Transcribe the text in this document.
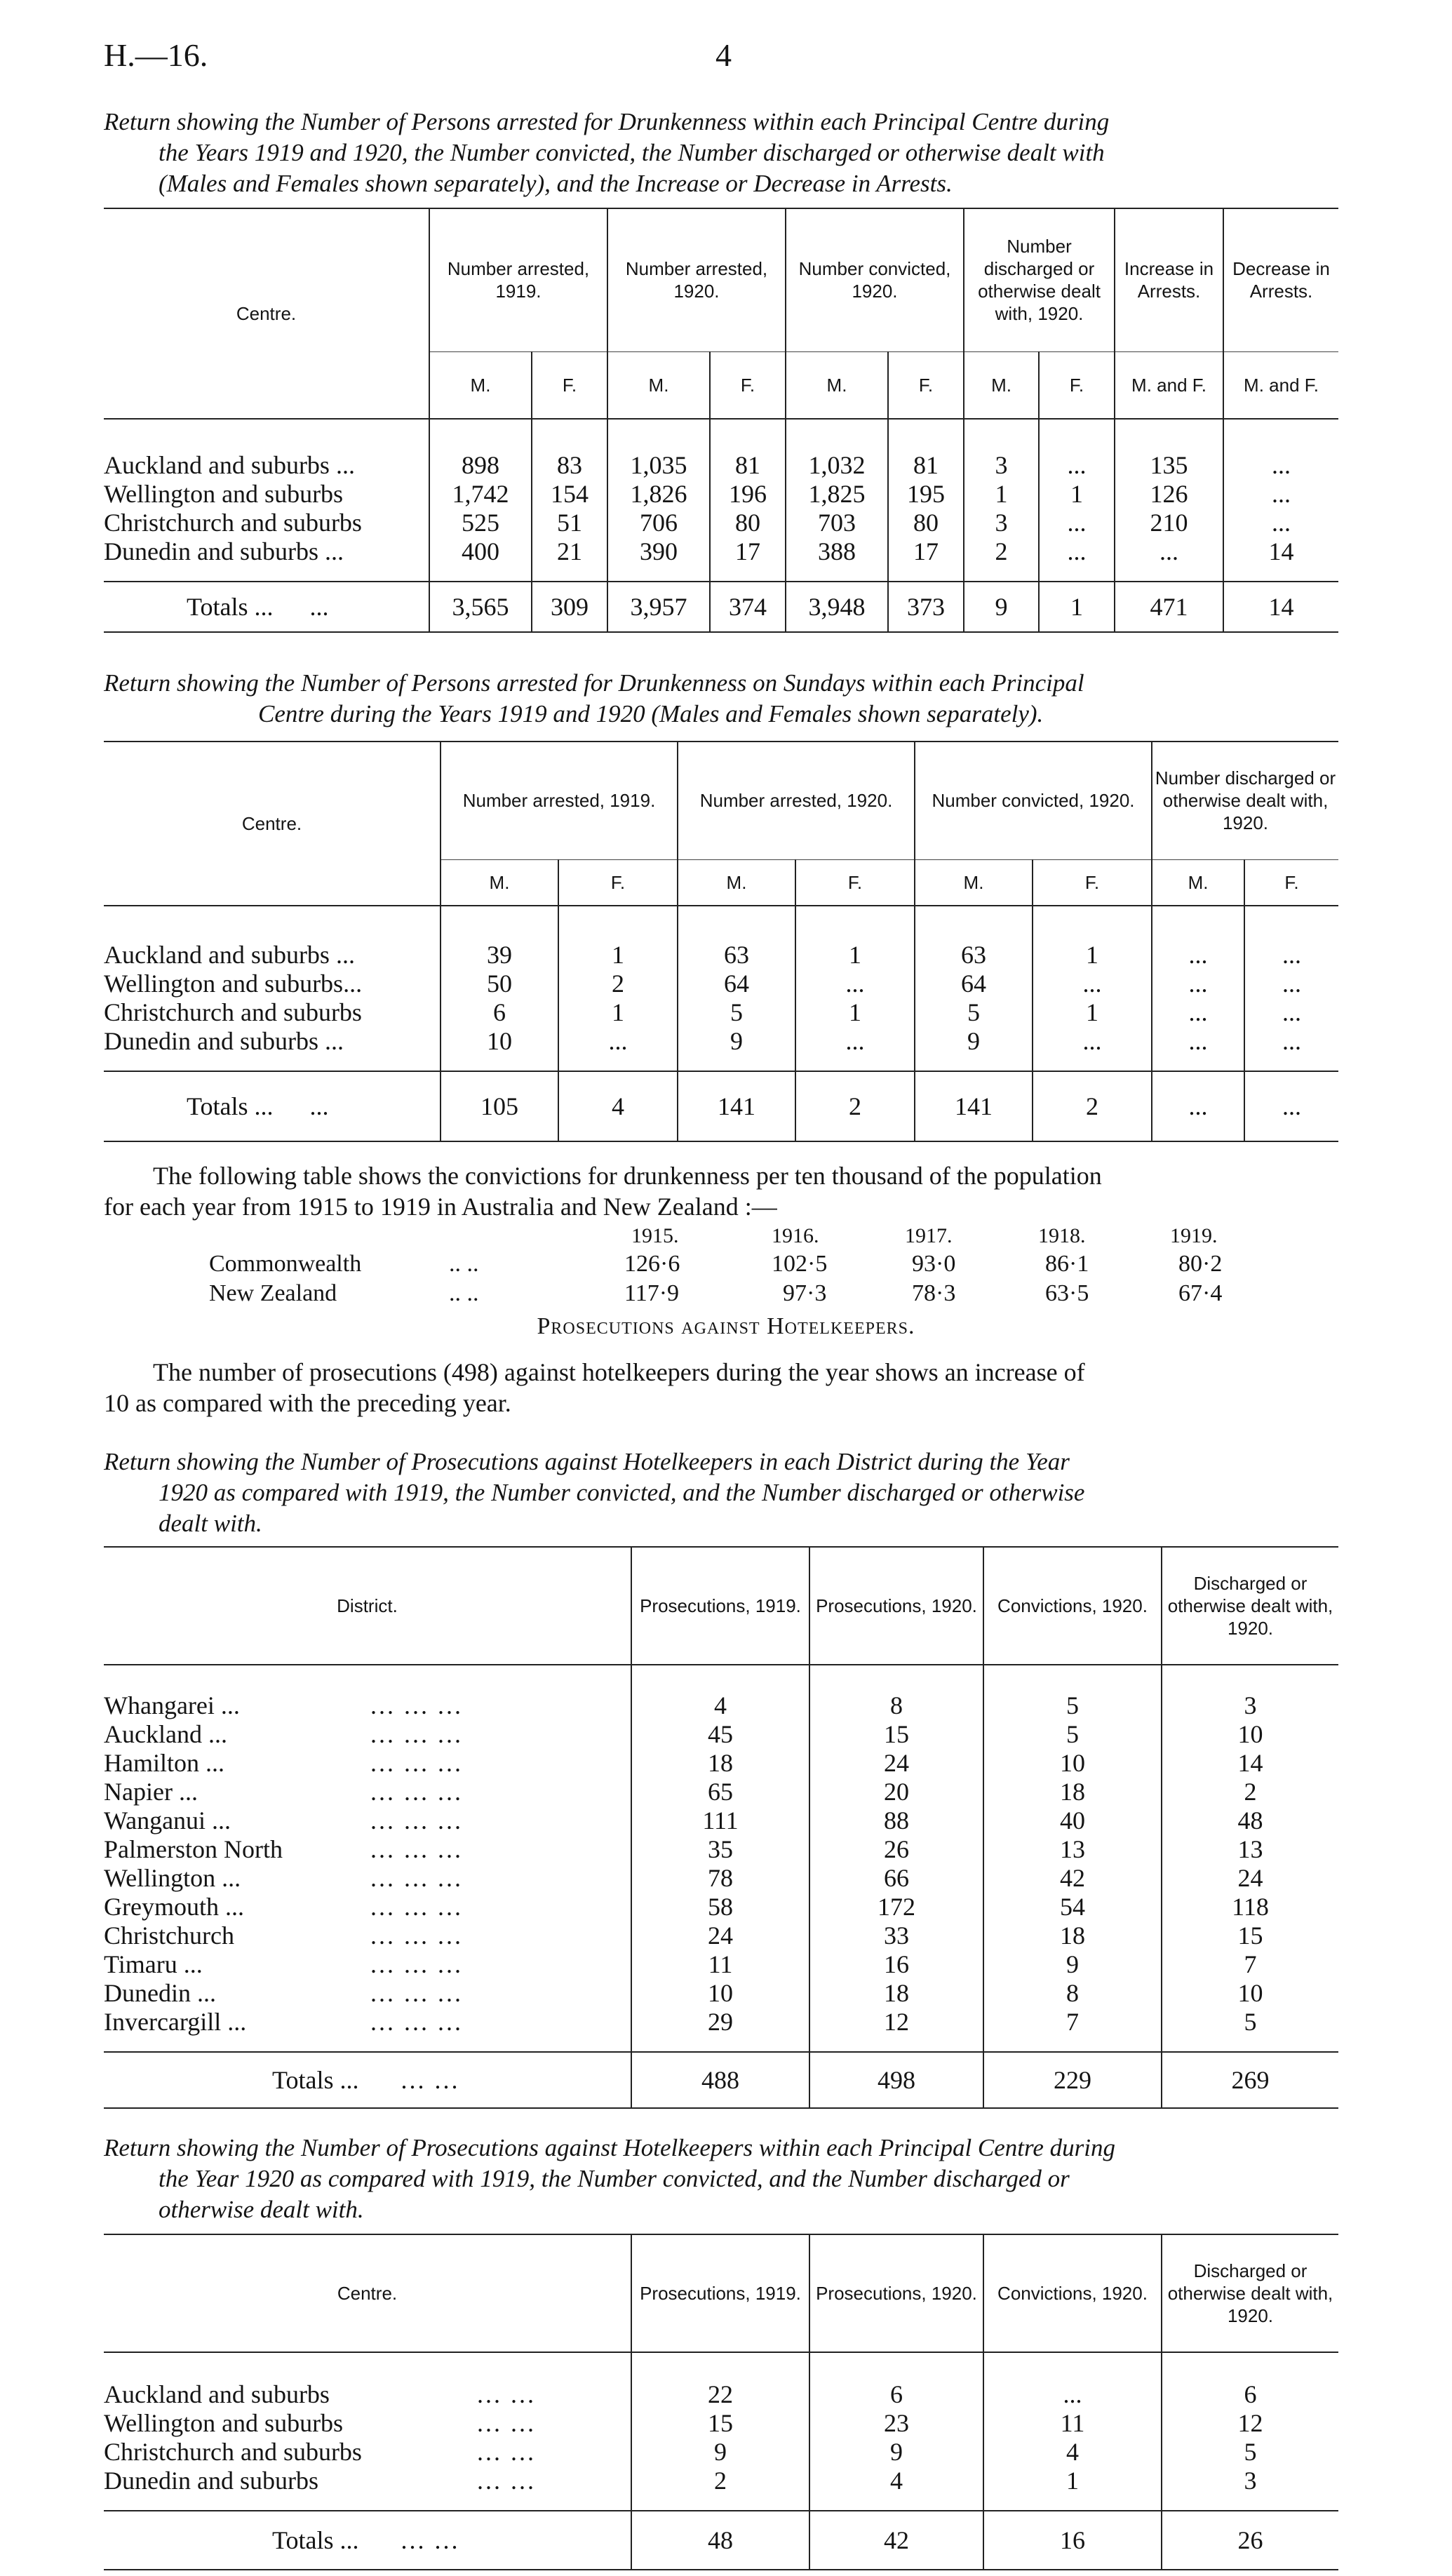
H.—16.	4

Return showing the Number of Persons arrested for Drunkenness within each Principal Centre during
the Years 1919 and 1920, the Number convicted, the Number discharged or otherwise dealt with
(Males and Females shown separately), and the Increase or Decrease in Arrests.

Centre.	Number arrested, 1919.		Number arrested, 1920.		Number convicted, 1920.		Number discharged or otherwise dealt with, 1920.		Increase in Arrests.	Decrease in Arrests.
	M.	F.	M.	F.	M.	F.	M.	F.	M. and F.	M. and F.

Auckland and suburbs ...	898	83	1,035	81	1,032	81	3	...	135	...
Wellington and suburbs	1,742	154	1,826	196	1,825	195	1	1	126	...
Christchurch and suburbs	525	51	706	80	703	80	3	...	210	...
Dunedin and suburbs ...	400	21	390	17	388	17	2	...	...	14

Totals ... ...	3,565	309	3,957	374	3,948	373	9	1	471	14

Return showing the Number of Persons arrested for Drunkenness on Sundays within each Principal
Centre during the Years 1919 and 1920 (Males and Females shown separately).

Centre.	Number arrested, 1919.		Number arrested, 1920.		Number convicted, 1920.		Number discharged or otherwise dealt with, 1920.	
	M.	F.	M.	F.	M.	F.	M.	F.

Auckland and suburbs ...	39	1	63	1	63	1	...	...
Wellington and suburbs...	50	2	64	...	64	...	...	...
Christchurch and suburbs	6	1	5	1	5	1	...	...
Dunedin and suburbs ...	10	...	9	...	9	...	...	...

Totals ... ...	105	4	141	2	141	2	...	...

The following table shows the convictions for drunkenness per ten thousand of the population
for each year from 1915 to 1919 in Australia and New Zealand :—

1915.	1916.	1917.	1918.	1919.
Commonwealth	.. ..	126·6	102·5	93·0	86·1	80·2
New Zealand	.. ..	117·9	97·3	78·3	63·5	67·4
Prosecutions against Hotelkeepers.

The number of prosecutions (498) against hotelkeepers during the year shows an increase of
10 as compared with the preceding year.

Return showing the Number of Prosecutions against Hotelkeepers in each District during the Year
1920 as compared with 1919, the Number convicted, and the Number discharged or otherwise
dealt with.

District.	Prosecutions, 1919.	Prosecutions, 1920.	Convictions, 1920.	Discharged or otherwise dealt with, 1920.

Whangarei ... ... ... ...	4	8	5	3
Auckland ... ... ... ...	45	15	5	10
Hamilton ... ... ... ...	18	24	10	14
Napier ... ... ... ...	65	20	18	2
Wanganui ... ... ... ...	111	88	40	48
Palmerston North ... ... ...	35	26	13	13
Wellington ... ... ... ...	78	66	42	24
Greymouth ... ... ... ...	58	172	54	118
Christchurch ... ... ...	24	33	18	15
Timaru ... ... ... ...	11	16	9	7
Dunedin ... ... ... ...	10	18	8	10
Invercargill ... ... ... ...	29	12	7	5

Totals ... ... ...	488	498	229	269

Return showing the Number of Prosecutions against Hotelkeepers within each Principal Centre during
the Year 1920 as compared with 1919, the Number convicted, and the Number discharged or
otherwise dealt with.

Centre.	Prosecutions, 1919.	Prosecutions, 1920.	Convictions, 1920.	Discharged or otherwise dealt with, 1920.

Auckland and suburbs ... ...	22	6	...	6
Wellington and suburbs ... ...	15	23	11	12
Christchurch and suburbs ... ...	9	9	4	5
Dunedin and suburbs ... ...	2	4	1	3

Totals ... ... ...	48	42	16	26
